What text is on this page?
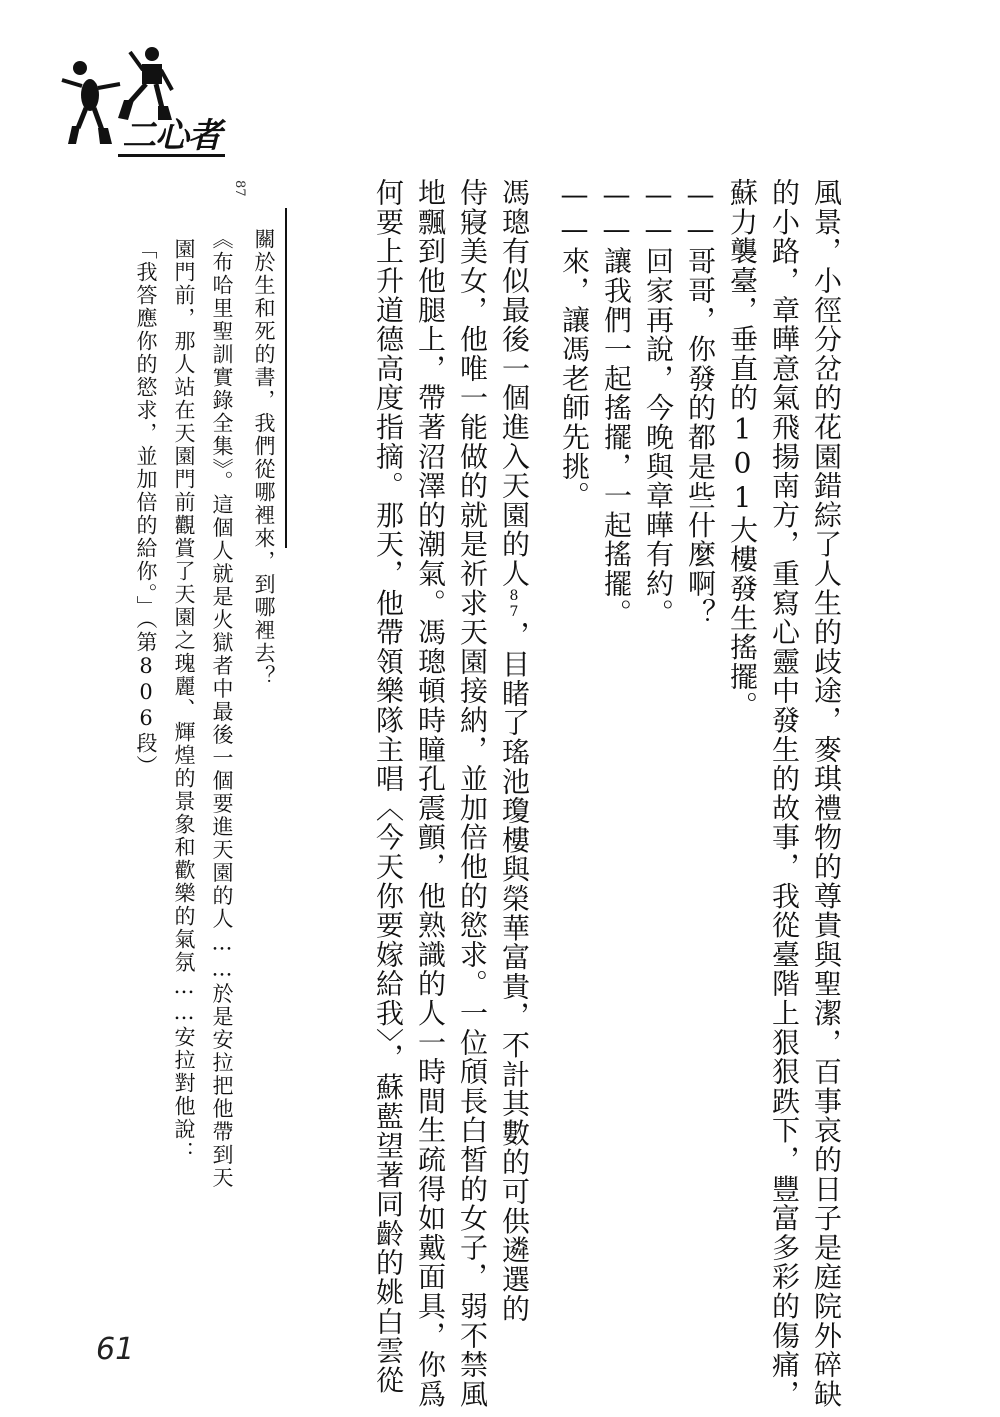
二心者
風景，小徑分岔的花園錯綜了人生的歧途，麥琪禮物的尊貴與聖潔，百事哀的日子是庭院外碎缺
的小路，章曄意氣飛揚南方，重寫心靈中發生的故事，我從臺階上狠狠跌下，豐富多彩的傷痛，
蘇力襲臺，垂直的101大樓發生搖擺。
——哥哥，你發的都是些什麼啊？
——回家再說，今晚與章曄有約。
——讓我們一起搖擺，一起搖擺。
——來，讓馮老師先挑。
馮璁有似最後一個進入天園的人87，目睹了瑤池瓊樓與榮華富貴，不計其數的可供遴選的
侍寢美女，他唯一能做的就是祈求天園接納，並加倍他的慾求。一位頎長白皙的女子，弱不禁風
地飄到他腿上，帶著沼澤的潮氣。馮璁頓時瞳孔震顫，他熟識的人一時間生疏得如戴面具，你爲
何要上升道德高度指摘。那天，他帶領樂隊主唱〈今天你要嫁給我〉，蘇藍望著同齡的姚白雲從
87
關於生和死的書，我們從哪裡來，到哪裡去？
《布哈里聖訓實錄全集》。這個人就是火獄者中最後一個要進天園的人……於是安拉把他帶到天
園門前，那人站在天園門前觀賞了天園之瑰麗、輝煌的景象和歡樂的氣氛……安拉對他說：
「我答應你的慾求，並加倍的給你。」（第806段）
61
